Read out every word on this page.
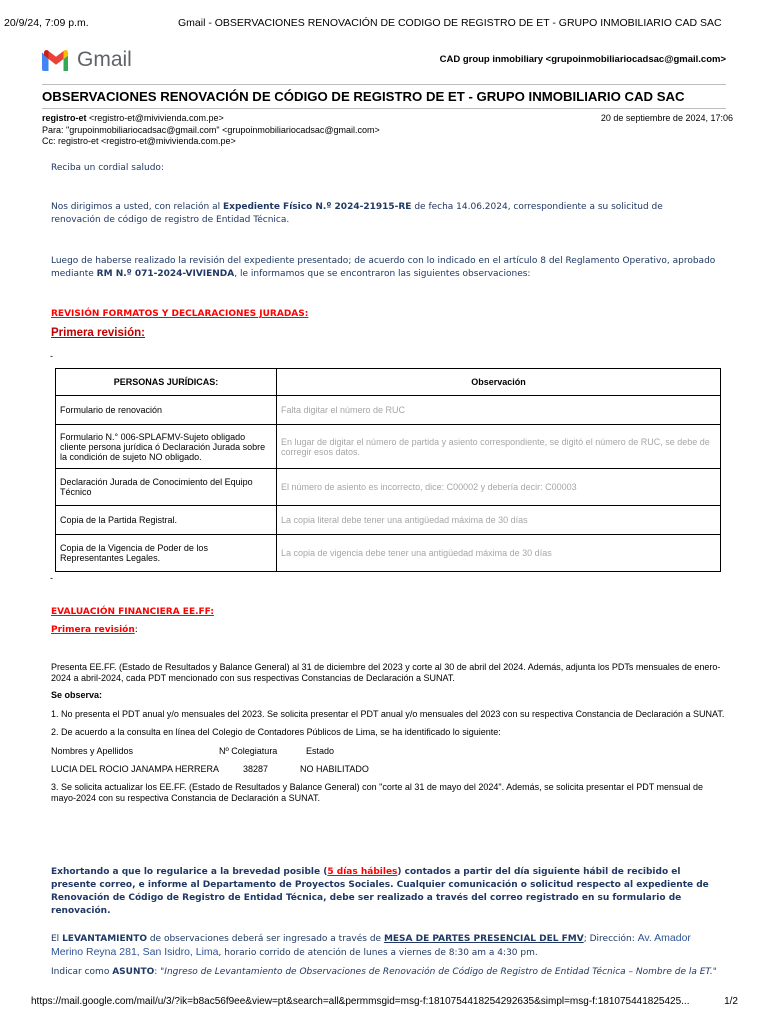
20/9/24, 7:09 p.m.	Gmail - OBSERVACIONES RENOVACIÓN DE CODIGO DE REGISTRO DE ET - GRUPO INMOBILIARIO CAD SAC
Gmail	CAD group inmobiliary <grupoinmobiliariocadsac@gmail.com>
OBSERVACIONES RENOVACIÓN DE CÓDIGO DE REGISTRO DE ET - GRUPO INMOBILIARIO CAD SAC
registro-et <registro-et@mivivienda.com.pe>
Para: "grupoinmobiliariocadsac@gmail.com" <grupoinmobiliariocadsac@gmail.com>
Cc: registro-et <registro-et@mivivienda.com.pe>
20 de septiembre de 2024, 17:06
Reciba un cordial saludo:
Nos dirigimos a usted, con relación al Expediente Físico N.º 2024-21915-RE de fecha 14.06.2024, correspondiente a su solicitud de renovación de código de registro de Entidad Técnica.
Luego de haberse realizado la revisión del expediente presentado; de acuerdo con lo indicado en el artículo 8 del Reglamento Operativo, aprobado mediante RM N.º 071-2024-VIVIENDA, le informamos que se encontraron las siguientes observaciones:
REVISIÓN FORMATOS Y DECLARACIONES JURADAS:
Primera revisión:
-
PERSONAS JURÍDICAS:	Observación
Formulario de renovación	Falta digitar el número de RUC
Formulario N.° 006-SPLAFMV-Sujeto obligado cliente persona jurídica ó Declaración Jurada sobre la condición de sujeto NO obligado.	En lugar de digitar el número de partida y asiento correspondiente, se digitó el número de RUC, se debe de corregir esos datos.
Declaración Jurada de Conocimiento del Equipo Técnico	El número de asiento es incorrecto, dice: C00002 y debería decir: C00003
Copia de la Partida Registral.	La copia literal debe tener una antigüedad máxima de 30 días
Copia de la Vigencia de Poder de los Representantes Legales.	La copia de vigencia debe tener una antigüedad máxima de 30 días
-
EVALUACIÓN FINANCIERA EE.FF:
Primera revisión:
Presenta EE.FF. (Estado de Resultados y Balance General) al 31 de diciembre del 2023 y corte al 30 de abril del 2024. Además, adjunta los PDTs mensuales de enero-2024 a abril-2024, cada PDT mencionado con sus respectivas Constancias de Declaración a SUNAT.
Se observa:
1. No presenta el PDT anual y/o mensuales del 2023. Se solicita presentar el PDT anual y/o mensuales del 2023 con su respectiva Constancia de Declaración a SUNAT.
2. De acuerdo a la consulta en línea del Colegio de Contadores Públicos de Lima, se ha identificado lo siguiente:
Nombres y Apellidos	Nº Colegiatura	Estado
LUCIA DEL ROCIO JANAMPA HERRERA	38287	NO HABILITADO
3. Se solicita actualizar los EE.FF. (Estado de Resultados y Balance General) con "corte al 31 de mayo del 2024". Además, se solicita presentar el PDT mensual de mayo-2024 con su respectiva Constancia de Declaración a SUNAT.
Exhortando a que lo regularice a la brevedad posible (5 días hábiles) contados a partir del día siguiente hábil de recibido el presente correo, e informe al Departamento de Proyectos Sociales. Cualquier comunicación o solicitud respecto al expediente de Renovación de Código de Registro de Entidad Técnica, debe ser realizado a través del correo registrado en su formulario de renovación.
El LEVANTAMIENTO de observaciones deberá ser ingresado a través de MESA DE PARTES PRESENCIAL DEL FMV; Dirección: Av. Amador Merino Reyna 281, San Isidro, Lima, horario corrido de atención de lunes a viernes de 8:30 am a 4:30 pm.
Indicar como ASUNTO: "Ingreso de Levantamiento de Observaciones de Renovación de Código de Registro de Entidad Técnica – Nombre de la ET."
https://mail.google.com/mail/u/3/?ik=b8ac56f9ee&view=pt&search=all&permmsgid=msg-f:1810754418254292635&simpl=msg-f:181075441825425...	1/2
